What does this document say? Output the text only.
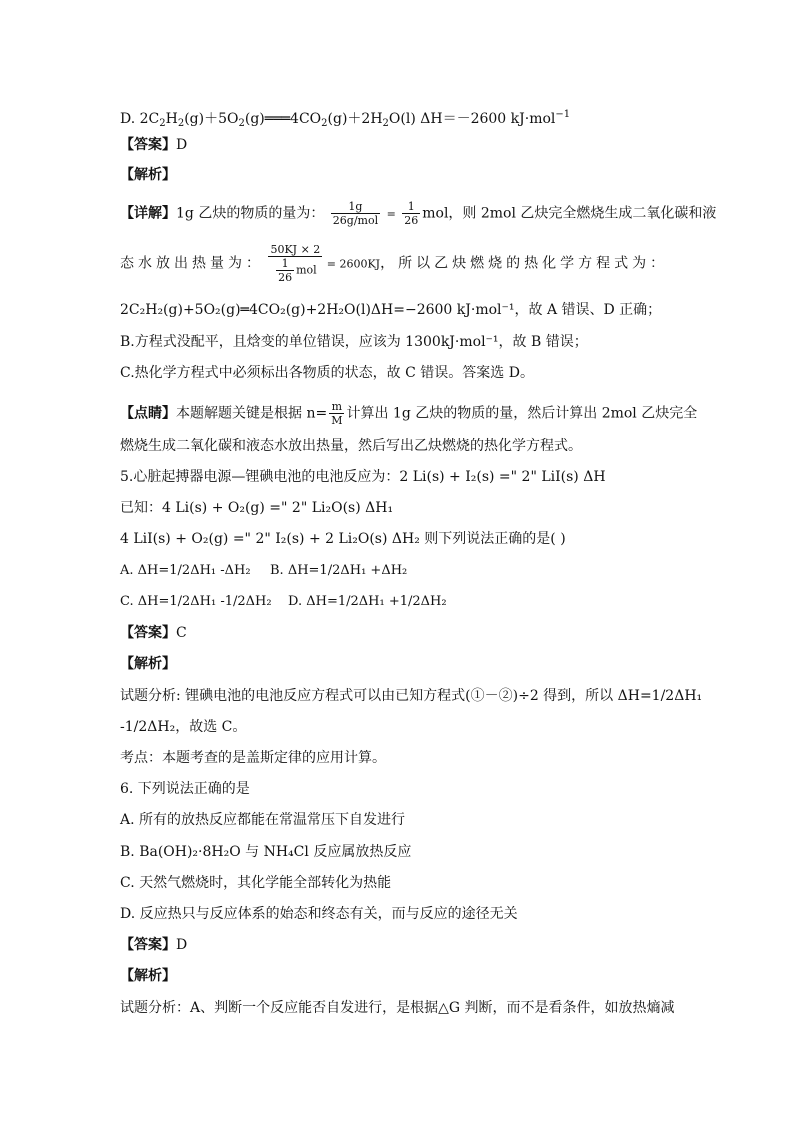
D. $2C_2H_2(g)+5O_2(g)═══4CO_2(g)+2H_2O(l)$ ΔH＝－2600 kJ·mol$^{-1}$
【答案】D
【解析】
【详解】1g 乙炔的物质的量为： $\frac{1g}{\text{26g/mol}} = \frac{1}{26}$ mol，则 2mol 乙炔完全燃烧生成二氧化碳和液
态水放出热量为：
50KJ × 2
$\frac{1}{26}$ mol = 2600KJ，所以乙炔燃烧的热化学方程式为：
2C₂H₂(g)+5O₂(g)═4CO₂(g)+2H₂O(l)ΔH=−2600 kJ·mol⁻¹，故 A 错误、D 正确；
B.方程式没配平，且焓变的单位错误，应该为 1300kJ·mol⁻¹，故 B 错误；
C.热化学方程式中必须标出各物质的状态，故 C 错误。答案选 D。
【点睛】本题解题关键是根据 $n= \frac{m}{M}$ 计算出 1g 乙炔的物质的量，然后计算出 2mol 乙炔完全
燃烧生成二氧化碳和液态水放出热量，然后写出乙炔燃烧的热化学方程式。
5.心脏起搏器电源—锂碘电池的电池反应为：2 Li(s) + I₂(s) =" 2" LiI(s) ΔH
已知：4 Li(s) + O₂(g) =" 2" Li₂O(s) ΔH₁
4 LiI(s) + O₂(g) =" 2" I₂(s) + 2 Li₂O(s) ΔH₂ 则下列说法正确的是( )
A. ΔH=1/2ΔH₁ -ΔH₂ B. ΔH=1/2ΔH₁ +ΔH₂
C. ΔH=1/2ΔH₁ -1/2ΔH₂ D. ΔH=1/2ΔH₁ +1/2ΔH₂
【答案】C
【解析】
试题分析: 锂碘电池的电池反应方程式可以由已知方程式(①－②)÷2 得到，所以 ΔH=1/2ΔH₁
-1/2ΔH₂，故选 C。
考点：本题考查的是盖斯定律的应用计算。
6. 下列说法正确的是
A. 所有的放热反应都能在常温常压下自发进行
B. Ba(OH)₂·8H₂O 与 NH₄Cl 反应属放热反应
C. 天然气燃烧时，其化学能全部转化为热能
D. 反应热只与反应体系的始态和终态有关，而与反应的途径无关
【答案】D
【解析】
试题分析：A、判断一个反应能否自发进行，是根据△G 判断，而不是看条件，如放热熵减
